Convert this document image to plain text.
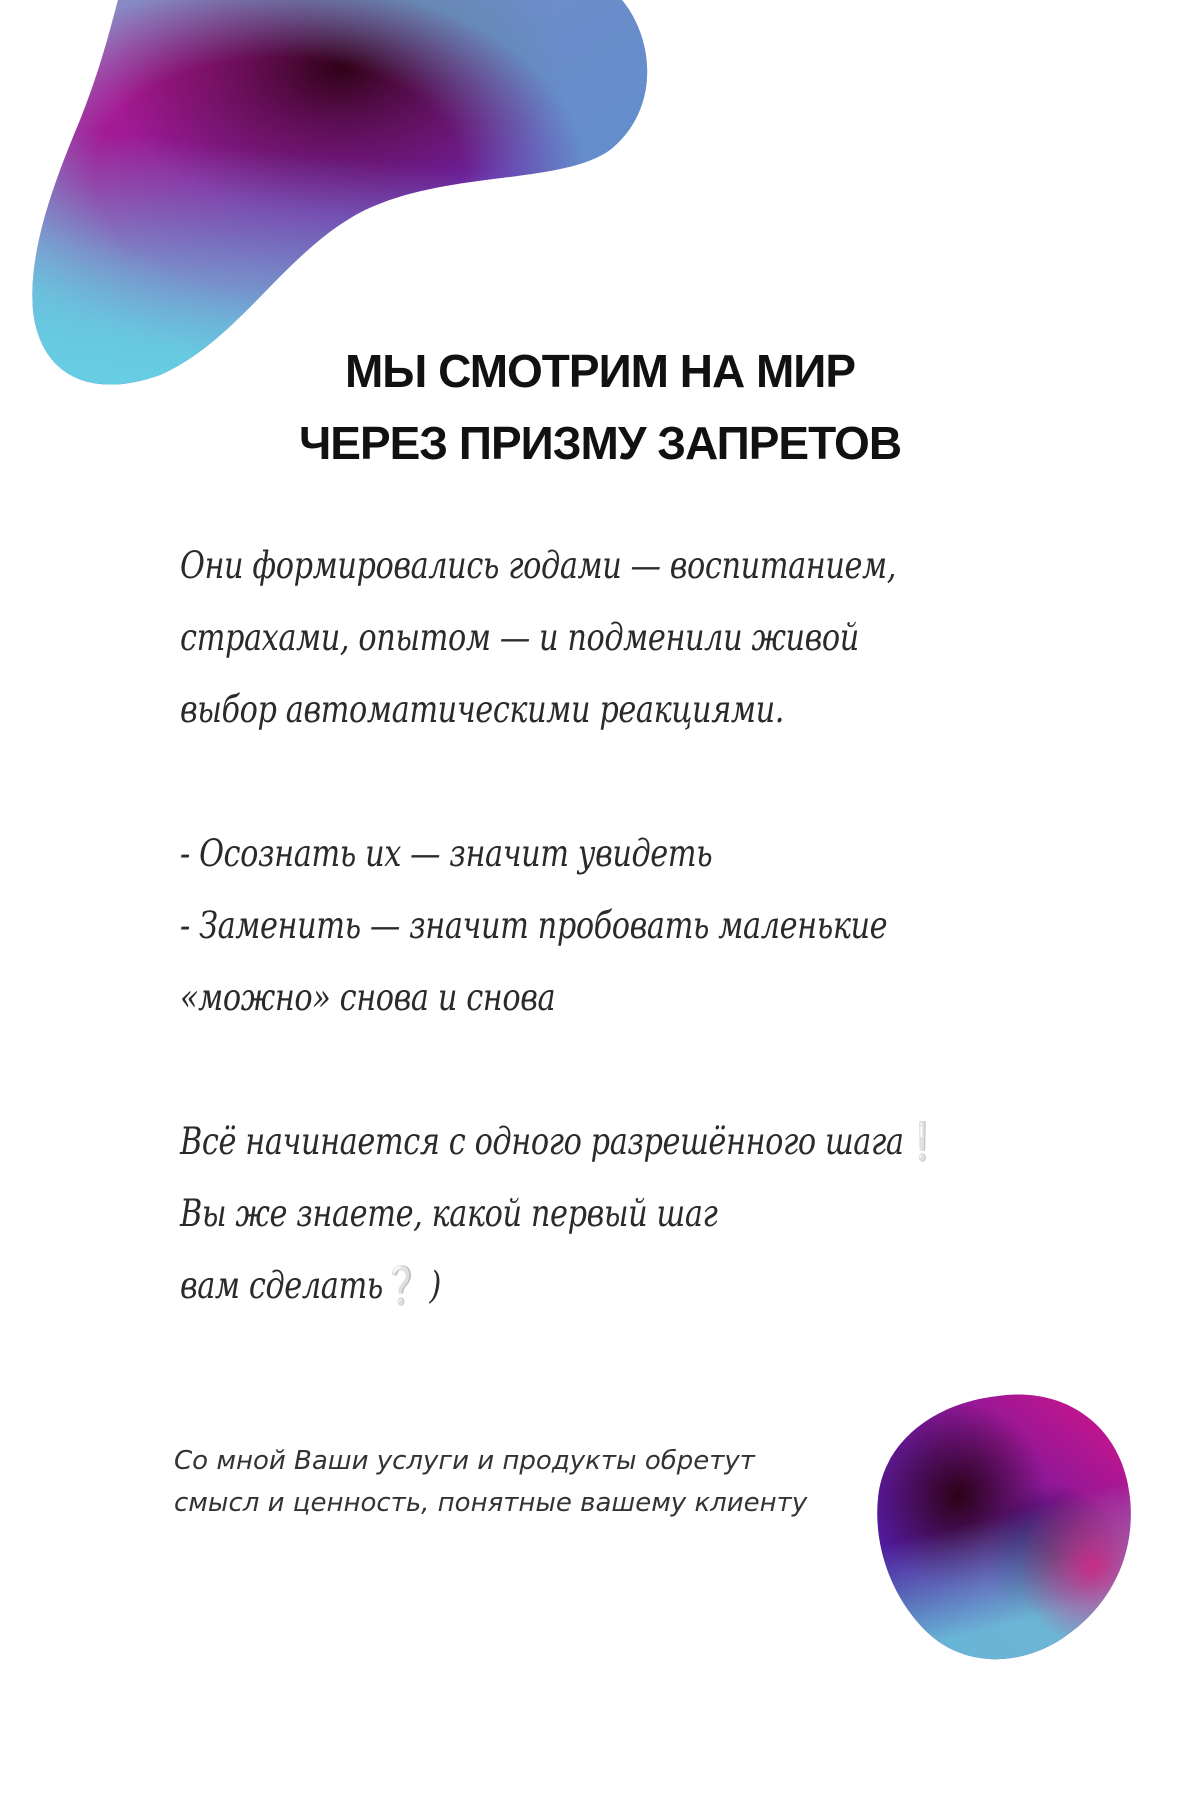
МЫ СМОТРИМ НА МИР
ЧЕРЕЗ ПРИЗМУ ЗАПРЕТОВ
Они формировались годами — воспитанием,
страхами, опытом — и подменили живой
выбор автоматическими реакциями.
- Осознать их — значит увидеть
- Заменить — значит пробовать маленькие
«можно» снова и снова
Всё начинается с одного разрешённого шага❕
Вы же знаете, какой первый шаг
вам сделать❔ )
Со мной Ваши услуги и продукты обретут
смысл и ценность, понятные вашему клиенту
